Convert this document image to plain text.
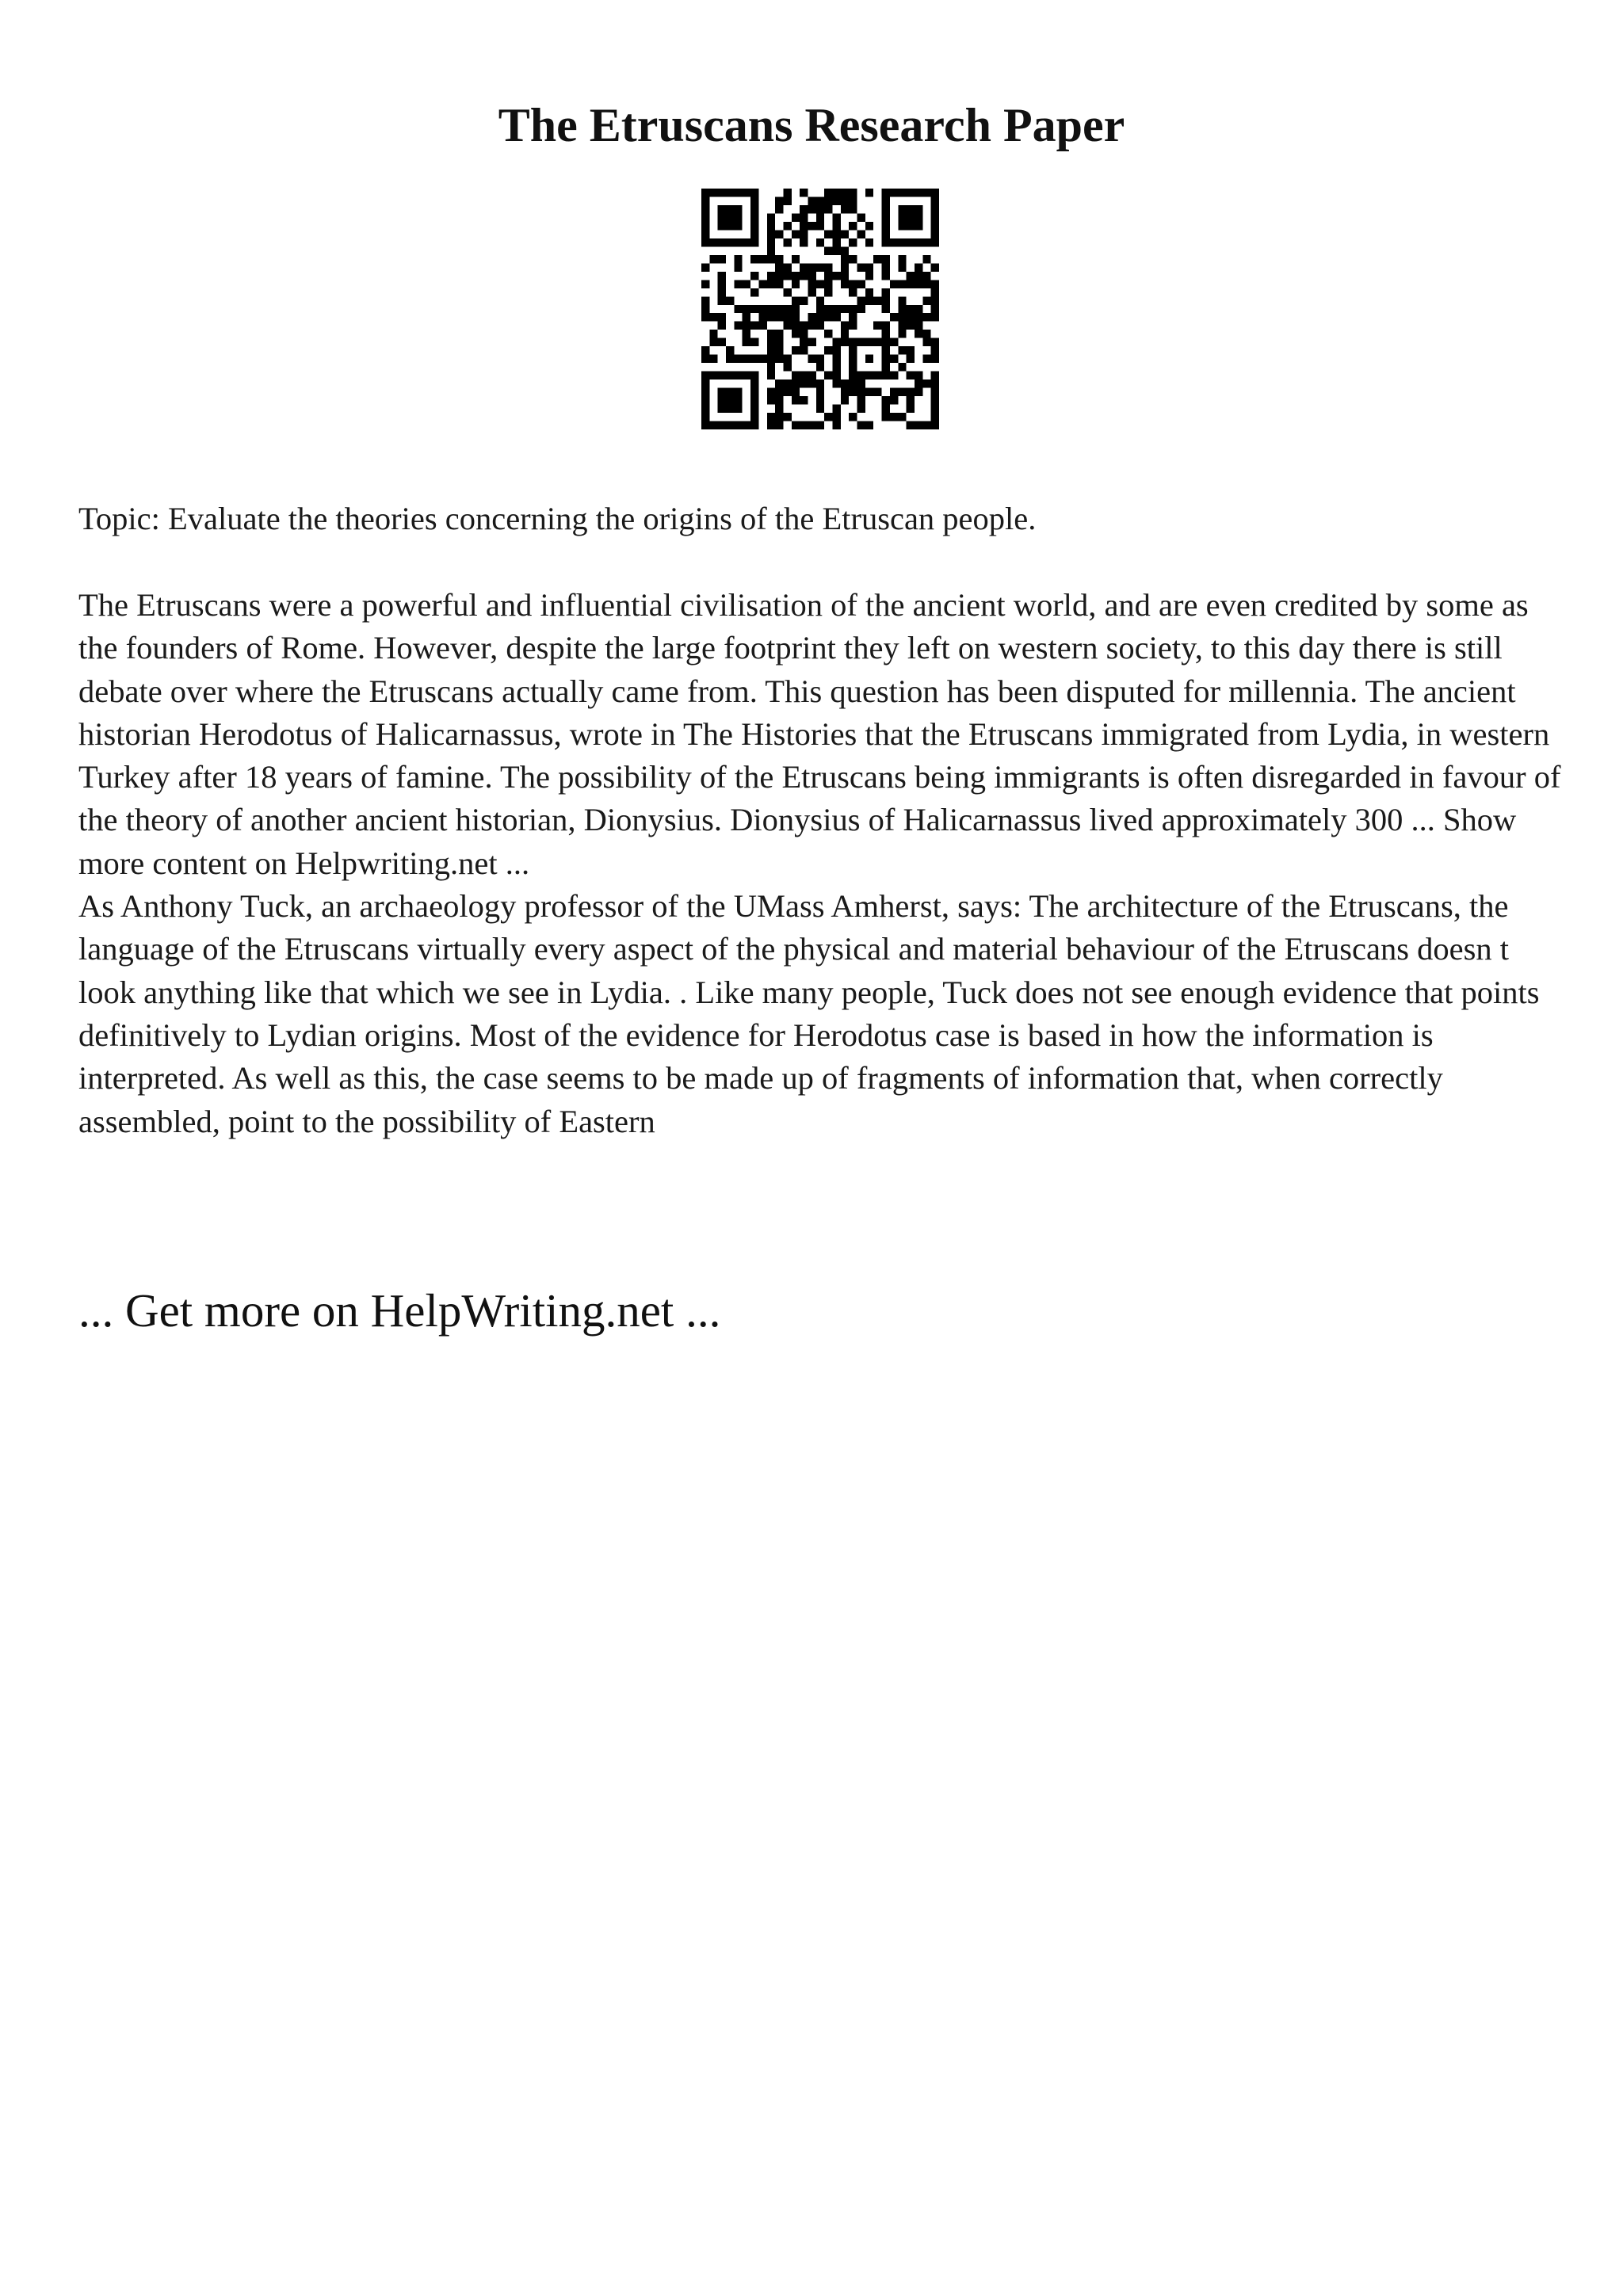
The Etruscans Research Paper

Topic: Evaluate the theories concerning the origins of the Etruscan people.

The Etruscans were a powerful and influential civilisation of the ancient world, and are even credited by some as the founders of Rome. However, despite the large footprint they left on western society, to this day there is still debate over where the Etruscans actually came from. This question has been disputed for millennia. The ancient historian Herodotus of Halicarnassus, wrote in The Histories that the Etruscans immigrated from Lydia, in western Turkey after 18 years of famine. The possibility of the Etruscans being immigrants is often disregarded in favour of the theory of another ancient historian, Dionysius. Dionysius of Halicarnassus lived approximately 300 ... Show more content on Helpwriting.net ...

As Anthony Tuck, an archaeology professor of the UMass Amherst, says: The architecture of the Etruscans, the language of the Etruscans virtually every aspect of the physical and material behaviour of the Etruscans doesn t look anything like that which we see in Lydia. . Like many people, Tuck does not see enough evidence that points definitively to Lydian origins. Most of the evidence for Herodotus case is based in how the information is interpreted. As well as this, the case seems to be made up of fragments of information that, when correctly assembled, point to the possibility of Eastern

... Get more on HelpWriting.net ...
